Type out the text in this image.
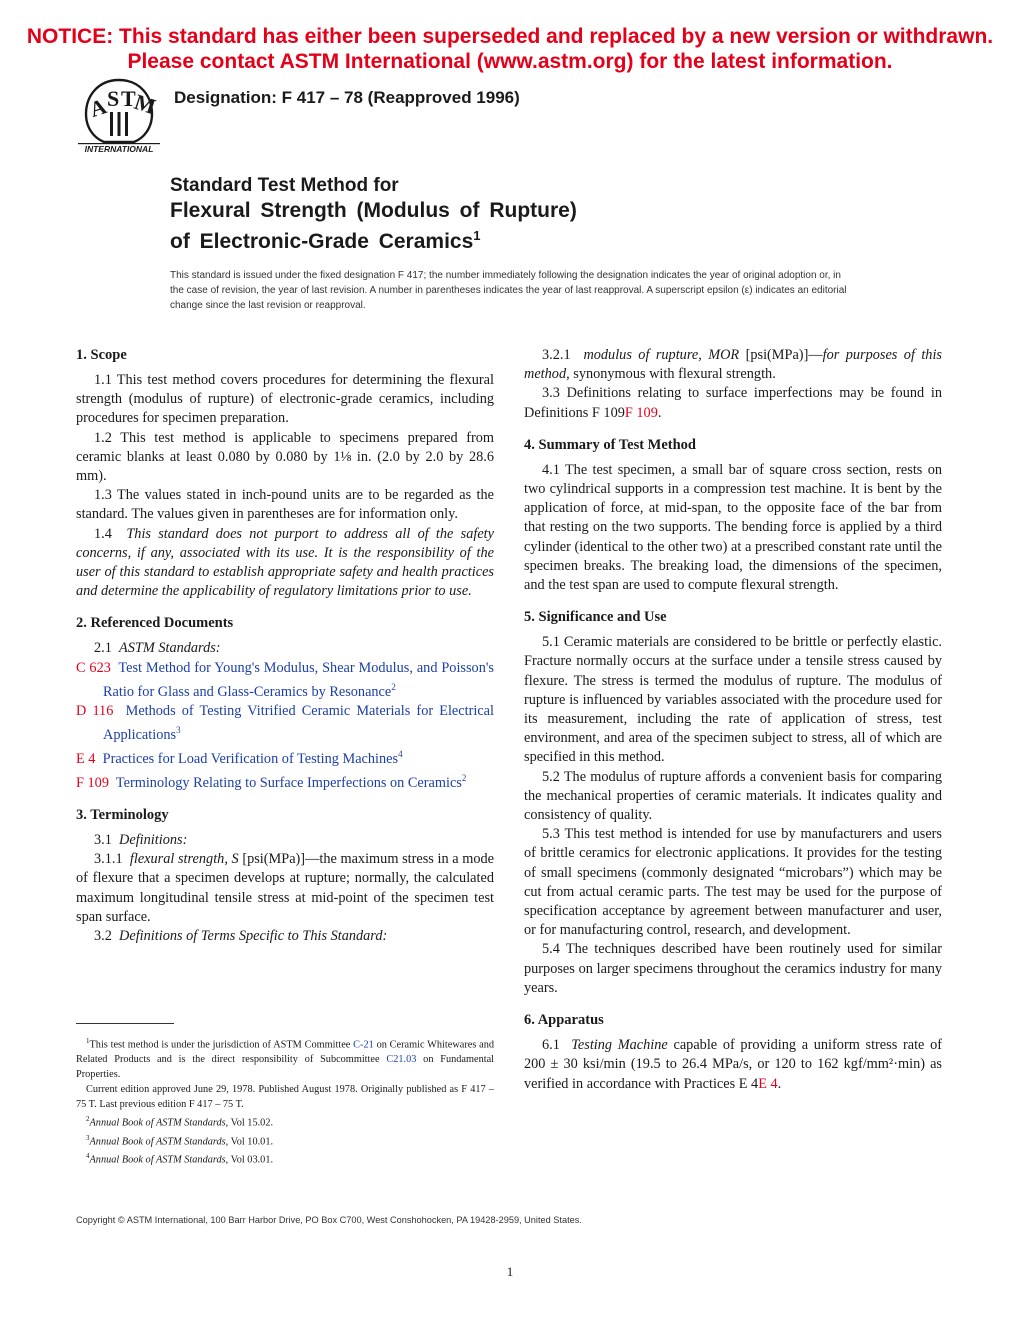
NOTICE: This standard has either been superseded and replaced by a new version or withdrawn.
Please contact ASTM International (www.astm.org) for the latest information.
A
S T
M
INTERNATIONAL
Designation: F 417 – 78 (Reapproved 1996)
Standard Test Method for
Flexural Strength (Modulus of Rupture)
of Electronic-Grade Ceramics$^1$
This standard is issued under the fixed designation F 417; the number immediately following the designation indicates the year of original adoption or, in the case of revision, the year of last revision. A number in parentheses indicates the year of last reapproval. A superscript epsilon (ε) indicates an editorial change since the last revision or reapproval.
1. Scope

1.1 This test method covers procedures for determining the flexural strength (modulus of rupture) of electronic-grade ceramics, including procedures for specimen preparation.

1.2 This test method is applicable to specimens prepared from ceramic blanks at least 0.080 by 0.080 by 1⅛ in. (2.0 by 2.0 by 28.6 mm).

1.3 The values stated in inch-pound units are to be regarded as the standard. The values given in parentheses are for information only.

1.4 This standard does not purport to address all of the safety concerns, if any, associated with its use. It is the responsibility of the user of this standard to establish appropriate safety and health practices and determine the applicability of regulatory limitations prior to use.

2. Referenced Documents

2.1 ASTM Standards:

C 623 Test Method for Young's Modulus, Shear Modulus, and Poisson's Ratio for Glass and Glass-Ceramics by Resonance$^2$

D 116 Methods of Testing Vitrified Ceramic Materials for Electrical Applications$^3$

E 4 Practices for Load Verification of Testing Machines$^4$

F 109 Terminology Relating to Surface Imperfections on Ceramics$^2$

3. Terminology

3.1 Definitions:

3.1.1 flexural strength, S [psi(MPa)]—the maximum stress in a mode of flexure that a specimen develops at rupture; normally, the calculated maximum longitudinal tensile stress at mid-point of the specimen test span surface.

3.2 Definitions of Terms Specific to This Standard:

$^1$This test method is under the jurisdiction of ASTM Committee C-21 on Ceramic Whitewares and Related Products and is the direct responsibility of Subcommittee C21.03 on Fundamental Properties.

Current edition approved June 29, 1978. Published August 1978. Originally published as F 417 – 75 T. Last previous edition F 417 – 75 T.

$^2$Annual Book of ASTM Standards, Vol 15.02.

$^3$Annual Book of ASTM Standards, Vol 10.01.

$^4$Annual Book of ASTM Standards, Vol 03.01.

3.2.1 modulus of rupture, MOR [psi(MPa)]—for purposes of this method, synonymous with flexural strength.

3.3 Definitions relating to surface imperfections may be found in Definitions F 109F 109.

4. Summary of Test Method

4.1 The test specimen, a small bar of square cross section, rests on two cylindrical supports in a compression test machine. It is bent by the application of force, at mid-span, to the opposite face of the bar from that resting on the two supports. The bending force is applied by a third cylinder (identical to the other two) at a prescribed constant rate until the specimen breaks. The breaking load, the dimensions of the specimen, and the test span are used to compute flexural strength.

5. Significance and Use

5.1 Ceramic materials are considered to be brittle or perfectly elastic. Fracture normally occurs at the surface under a tensile stress caused by flexure. The stress is termed the modulus of rupture. The modulus of rupture is influenced by variables associated with the procedure used for its measurement, including the rate of application of stress, test environment, and area of the specimen subject to stress, all of which are specified in this method.

5.2 The modulus of rupture affords a convenient basis for comparing the mechanical properties of ceramic materials. It indicates quality and consistency of quality.

5.3 This test method is intended for use by manufacturers and users of brittle ceramics for electronic applications. It provides for the testing of small specimens (commonly designated “microbars”) which may be cut from actual ceramic parts. The test may be used for the purpose of specification acceptance by agreement between manufacturer and user, or for manufacturing control, research, and development.

5.4 The techniques described have been routinely used for similar purposes on larger specimens throughout the ceramics industry for many years.

6. Apparatus

6.1 Testing Machine capable of providing a uniform stress rate of 200 ± 30 ksi/min (19.5 to 26.4 MPa/s, or 120 to 162 kgf/mm²·min) as verified in accordance with Practices E 4E 4.

Copyright © ASTM International, 100 Barr Harbor Drive, PO Box C700, West Conshohocken, PA 19428-2959, United States.
1
